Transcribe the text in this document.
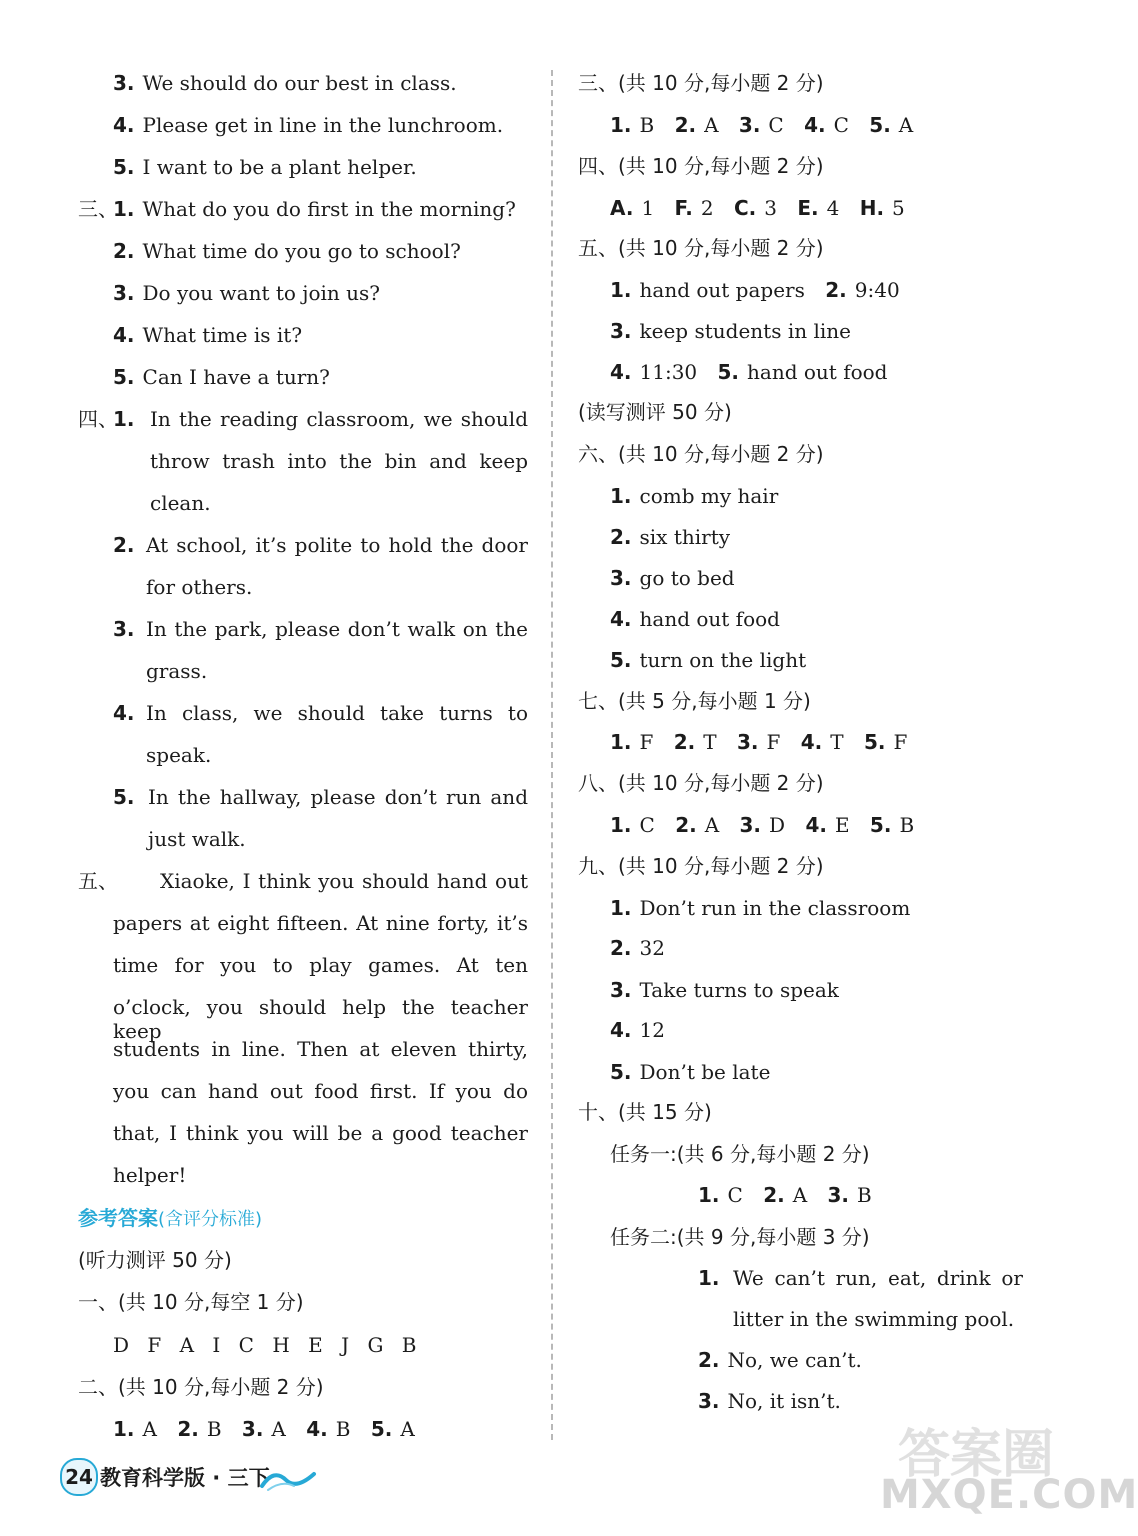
3. We should do our best in class.
4. Please get in line in the lunchroom.
5. I want to be a plant helper.
三、
1. What do you do first in the morning?
2. What time do you go to school?
3. Do you want to join us?
4. What time is it?
5. Can I have a turn?
四、
1. In the reading classroom, we should
throw trash into the bin and keep
clean.
2. At school, it’s polite to hold the door
for others.
3. In the park, please don’t walk on the
grass.
4. In class, we should take turns to
speak.
5. In the hallway, please don’t run and
just walk.
五、 Xiaoke, I think you should hand out
papers at eight fifteen. At nine forty, it’s
time for you to play games. At ten
o’clock, you should help the teacher keep
students in line. Then at eleven thirty,
you can hand out food first. If you do
that, I think you will be a good teacher
helper!
参考答案(含评分标准)
(听力测评 50 分)
一、(共 10 分,每空 1 分)
D F A I C H E J G B
二、(共 10 分,每小题 2 分)
1. A 2. B 3. A 4. B 5. A
三、(共 10 分,每小题 2 分)
1. B 2. A 3. C 4. C 5. A
四、(共 10 分,每小题 2 分)
A. 1 F. 2 C. 3 E. 4 H. 5
五、(共 10 分,每小题 2 分)
1. hand out papers 2. 9:40
3. keep students in line
4. 11:30 5. hand out food
(读写测评 50 分)
六、(共 10 分,每小题 2 分)
1. comb my hair
2. six thirty
3. go to bed
4. hand out food
5. turn on the light
七、(共 5 分,每小题 1 分)
1. F 2. T 3. F 4. T 5. F
八、(共 10 分,每小题 2 分)
1. C 2. A 3. D 4. E 5. B
九、(共 10 分,每小题 2 分)
1. Don’t run in the classroom
2. 32
3. Take turns to speak
4. 12
5. Don’t be late
十、(共 15 分)
任务一:(共 6 分,每小题 2 分)
1. C 2. A 3. B
任务二:(共 9 分,每小题 3 分)
1. We can’t run, eat, drink or
litter in the swimming pool.
2. No, we can’t.
3. No, it isn’t.
24 教育科学版 · 三下	答案圈
MXQE.COM
